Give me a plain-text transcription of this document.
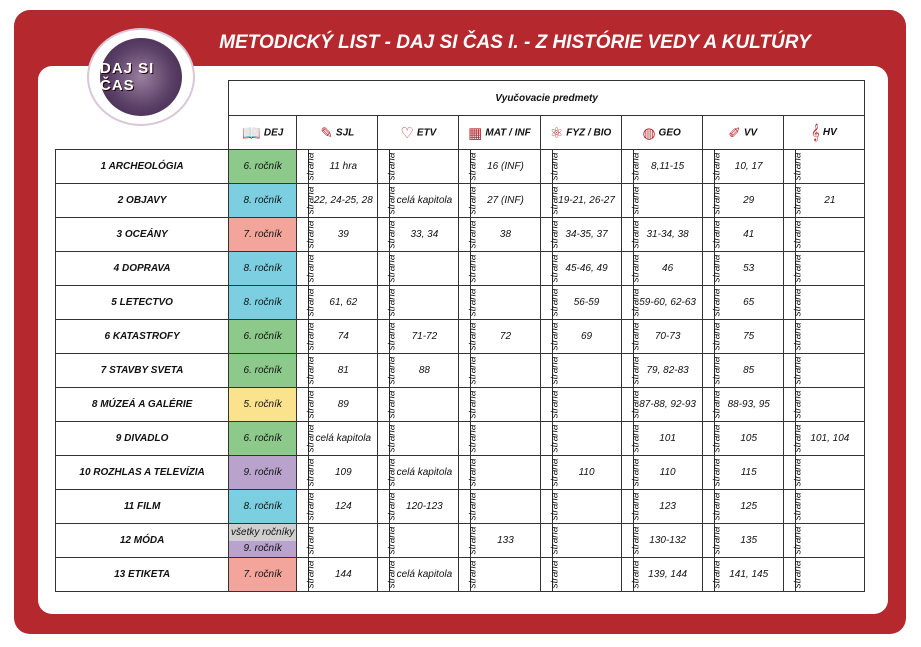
DAJ SI ČAS
METODICKÝ LIST - DAJ SI ČAS I. - Z HISTÓRIE VEDY A KULTÚRY
	Vyučovacie predmety														
	📖 DEJ	✎ SJL		♡ ETV		▦ MAT / INF		⚛ FYZ / BIO		◍ GEO		✐ VV		𝄞 HV	
1 ARCHEOLÓGIA	6. ročník	strana	11 hra	strana		strana	16 (INF)	strana		strana	8,11-15	strana	10, 17	strana	
2 OBJAVY	8. ročník	strana	22, 24-25, 28	strana	celá kapitola	strana	27 (INF)	strana	19-21, 26-27	strana		strana	29	strana	21
3 OCEÁNY	7. ročník	strana	39	strana	33, 34	strana	38	strana	34-35, 37	strana	31-34, 38	strana	41	strana	
4 DOPRAVA	8. ročník	strana		strana		strana		strana	45-46, 49	strana	46	strana	53	strana	
5 LETECTVO	8. ročník	strana	61, 62	strana		strana		strana	56-59	strana	59-60, 62-63	strana	65	strana	
6 KATASTROFY	6. ročník	strana	74	strana	71-72	strana	72	strana	69	strana	70-73	strana	75	strana	
7 STAVBY SVETA	6. ročník	strana	81	strana	88	strana		strana		strana	79, 82-83	strana	85	strana	
8 MÚZEÁ A GALÉRIE	5. ročník	strana	89	strana		strana		strana		strana	87-88, 92-93	strana	88-93, 95	strana	
9 DIVADLO	6. ročník	strana	celá kapitola	strana		strana		strana		strana	101	strana	105	strana	101, 104
10 ROZHLAS A TELEVÍZIA	9. ročník	strana	109	strana	celá kapitola	strana		strana	110	strana	110	strana	115	strana	
11 FILM	8. ročník	strana	124	strana	120-123	strana		strana		strana	123	strana	125	strana	
12 MÓDA	všetky ročníky
9. ročník	strana		strana		strana	133	strana		strana	130-132	strana	135	strana	
13 ETIKETA	7. ročník	strana	144	strana	celá kapitola	strana		strana		strana	139, 144	strana	141, 145	strana	
